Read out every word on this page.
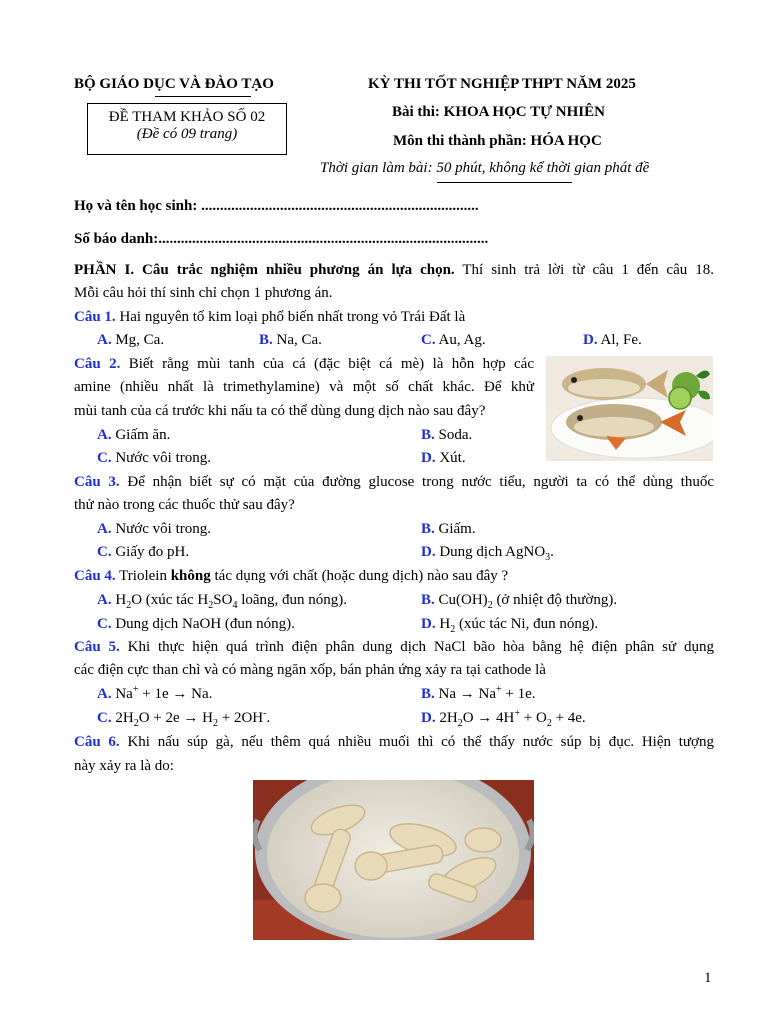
BỘ GIÁO DỤC VÀ ĐÀO TẠO	KỲ THI TỐT NGHIỆP THPT NĂM 2025
ĐỀ THAM KHẢO SỐ 02
(Đề có 09 trang)
Bài thi: KHOA HỌC TỰ NHIÊN
Môn thi thành phần: HÓA HỌC
Thời gian làm bài: 50 phút, không kể thời gian phát đề
Họ và tên học sinh: ..........................................................................
Số báo danh:........................................................................................
PHẦN I. Câu trắc nghiệm nhiều phương án lựa chọn. Thí sinh trả lời từ câu 1 đến câu 18.
Mỗi câu hỏi thí sinh chỉ chọn 1 phương án.
Câu 1. Hai nguyên tố kim loại phổ biến nhất trong vỏ Trái Đất là
A. Mg, Ca.	B. Na, Ca.	C. Au, Ag.	D. Al, Fe.
Câu 2. Biết rằng mùi tanh của cá (đặc biệt cá mè) là hỗn hợp các
amine (nhiều nhất là trimethylamine) và một số chất khác. Để khử
mùi tanh của cá trước khi nấu ta có thể dùng dung dịch nào sau đây?
A. Giấm ăn.	B. Soda.
C. Nước vôi trong.	D. Xút.
Câu 3. Để nhận biết sự có mặt của đường glucose trong nước tiểu, người ta có thể dùng thuốc
thử nào trong các thuốc thử sau đây?
A. Nước vôi trong.	B. Giấm.
C. Giấy đo pH.	D. Dung dịch AgNO$_3$.
Câu 4. Triolein không tác dụng với chất (hoặc dung dịch) nào sau đây ?
A. $H_2O$ (xúc tác $H_2SO_4$ loãng, đun nóng).	B. $Cu(OH)_2$ (ở nhiệt độ thường).
C. Dung dịch NaOH (đun nóng).	D. $H_2$ (xúc tác Ni, đun nóng).
Câu 5. Khi thực hiện quá trình điện phân dung dịch NaCl bão hòa bằng hệ điện phân sử dụng
các điện cực than chì và có màng ngăn xốp, bán phản ứng xảy ra tại cathode là
A. Na+ + 1e → Na.	B. Na → Na+ + 1e.
C. $2H_2O + 2e \to H_2 + 2OH^-$.	D. $2H_2O \to 4H^+ + O_2 + 4e$.
Câu 6. Khi nấu súp gà, nếu thêm quá nhiều muối thì có thể thấy nước súp bị đục. Hiện tượng
này xảy ra là do:
1
